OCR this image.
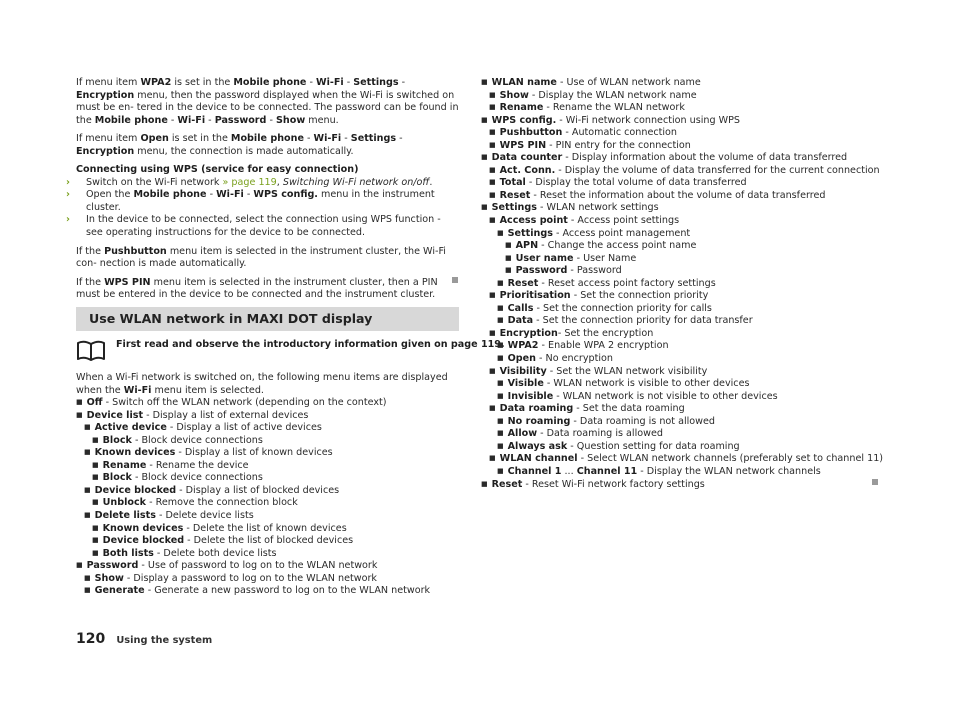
If menu item WPA2 is set in the Mobile phone - Wi-Fi - Settings - Encryption menu, then the password displayed when the Wi-Fi is switched on must be en- tered in the device to be connected. The password can be found in the Mobile phone - Wi-Fi - Password - Show menu.
If menu item Open is set in the Mobile phone - Wi-Fi - Settings - Encryption menu, the connection is made automatically.
Connecting using WPS (service for easy connection)
› Switch on the Wi-Fi network » page 119, Switching Wi-Fi network on/off.
› Open the Mobile phone - Wi-Fi - WPS config. menu in the instrument cluster.
› In the device to be connected, select the connection using WPS function - see operating instructions for the device to be connected.
If the Pushbutton menu item is selected in the instrument cluster, the Wi-Fi con- nection is made automatically.
If the WPS PIN menu item is selected in the instrument cluster, then a PIN must be entered in the device to be connected and the instrument cluster.
Use WLAN network in MAXI DOT display
First read and observe the introductory information given on page 119.
When a Wi-Fi network is switched on, the following menu items are displayed when the Wi-Fi menu item is selected.
■ Off - Switch off the WLAN network (depending on the context)
■ Device list - Display a list of external devices
■ Active device - Display a list of active devices
■ Block - Block device connections
■ Known devices - Display a list of known devices
■ Rename - Rename the device
■ Block - Block device connections
■ Device blocked - Display a list of blocked devices
■ Unblock - Remove the connection block
■ Delete lists - Delete device lists
■ Known devices - Delete the list of known devices
■ Device blocked - Delete the list of blocked devices
■ Both lists - Delete both device lists
■ Password - Use of password to log on to the WLAN network
■ Show - Display a password to log on to the WLAN network
■ Generate - Generate a new password to log on to the WLAN network
■ WLAN name - Use of WLAN network name
■ Show - Display the WLAN network name
■ Rename - Rename the WLAN network
■ WPS config. - Wi-Fi network connection using WPS
■ Pushbutton - Automatic connection
■ WPS PIN - PIN entry for the connection
■ Data counter - Display information about the volume of data transferred
■ Act. Conn. - Display the volume of data transferred for the current connection
■ Total - Display the total volume of data transferred
■ Reset - Reset the information about the volume of data transferred
■ Settings - WLAN network settings
■ Access point - Access point settings
■ Settings - Access point management
■ APN - Change the access point name
■ User name - User Name
■ Password - Password
■ Reset - Reset access point factory settings
■ Prioritisation - Set the connection priority
■ Calls - Set the connection priority for calls
■ Data - Set the connection priority for data transfer
■ Encryption- Set the encryption
■ WPA2 - Enable WPA 2 encryption
■ Open - No encryption
■ Visibility - Set the WLAN network visibility
■ Visible - WLAN network is visible to other devices
■ Invisible - WLAN network is not visible to other devices
■ Data roaming - Set the data roaming
■ No roaming - Data roaming is not allowed
■ Allow - Data roaming is allowed
■ Always ask - Question setting for data roaming
■ WLAN channel - Select WLAN network channels (preferably set to channel 11)
■ Channel 1 ... Channel 11 - Display the WLAN network channels
■ Reset - Reset Wi-Fi network factory settings
120 Using the system
